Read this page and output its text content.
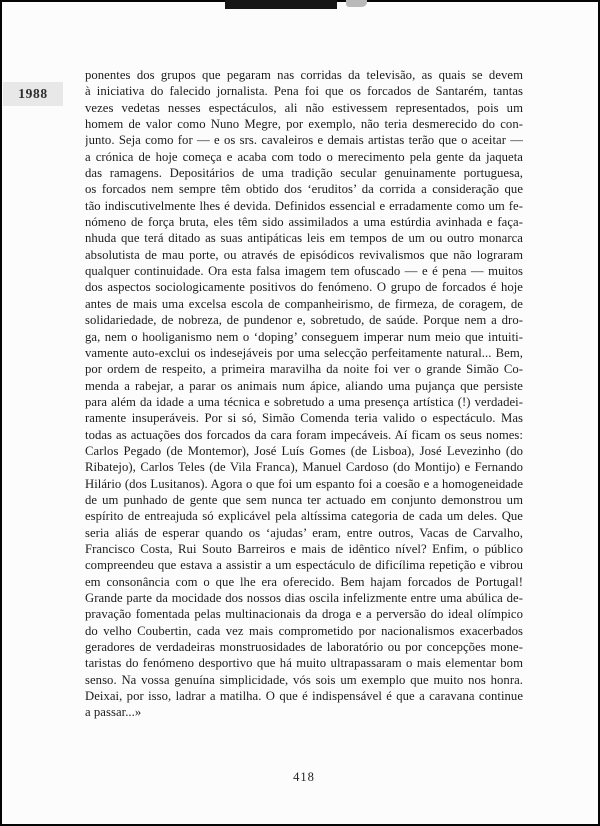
1988
ponentes dos grupos que pegaram nas corridas da televisão, as quais se devem
à iniciativa do falecido jornalista. Pena foi que os forcados de Santarém, tantas
vezes vedetas nesses espectáculos, ali não estivessem representados, pois um
homem de valor como Nuno Megre, por exemplo, não teria desmerecido do con-
junto. Seja como for — e os srs. cavaleiros e demais artistas terão que o aceitar —
a crónica de hoje começa e acaba com todo o merecimento pela gente da jaqueta
das ramagens. Depositários de uma tradição secular genuinamente portuguesa,
os forcados nem sempre têm obtido dos ‘eruditos’ da corrida a consideração que
tão indiscutivelmente lhes é devida. Definidos essencial e erradamente como um fe-
nómeno de força bruta, eles têm sido assimilados a uma estúrdia avinhada e faça-
nhuda que terá ditado as suas antipáticas leis em tempos de um ou outro monarca
absolutista de mau porte, ou através de episódicos revivalismos que não lograram
qualquer continuidade. Ora esta falsa imagem tem ofuscado — e é pena — muitos
dos aspectos sociologicamente positivos do fenómeno. O grupo de forcados é hoje
antes de mais uma excelsa escola de companheirismo, de firmeza, de coragem, de
solidariedade, de nobreza, de pundenor e, sobretudo, de saúde. Porque nem a dro-
ga, nem o hooliganismo nem o ‘doping’ conseguem imperar num meio que intuiti-
vamente auto-exclui os indesejáveis por uma selecção perfeitamente natural... Bem,
por ordem de respeito, a primeira maravilha da noite foi ver o grande Simão Co-
menda a rabejar, a parar os animais num ápice, aliando uma pujança que persiste
para além da idade a uma técnica e sobretudo a uma presença artística (!) verdadei-
ramente insuperáveis. Por si só, Simão Comenda teria valido o espectáculo. Mas
todas as actuações dos forcados da cara foram impecáveis. Aí ficam os seus nomes:
Carlos Pegado (de Montemor), José Luís Gomes (de Lisboa), José Levezinho (do
Ribatejo), Carlos Teles (de Vila Franca), Manuel Cardoso (do Montijo) e Fernando
Hilário (dos Lusitanos). Agora o que foi um espanto foi a coesão e a homogeneidade
de um punhado de gente que sem nunca ter actuado em conjunto demonstrou um
espírito de entreajuda só explicável pela altíssima categoria de cada um deles. Que
seria aliás de esperar quando os ‘ajudas’ eram, entre outros, Vacas de Carvalho,
Francisco Costa, Rui Souto Barreiros e mais de idêntico nível? Enfim, o público
compreendeu que estava a assistir a um espectáculo de dificílima repetição e vibrou
em consonância com o que lhe era oferecido. Bem hajam forcados de Portugal!
Grande parte da mocidade dos nossos dias oscila infelizmente entre uma abúlica de-
pravação fomentada pelas multinacionais da droga e a perversão do ideal olímpico
do velho Coubertin, cada vez mais comprometido por nacionalismos exacerbados
geradores de verdadeiras monstruosidades de laboratório ou por concepções mone-
taristas do fenómeno desportivo que há muito ultrapassaram o mais elementar bom
senso. Na vossa genuína simplicidade, vós sois um exemplo que muito nos honra.
Deixai, por isso, ladrar a matilha. O que é indispensável é que a caravana continue
a passar...»
418
